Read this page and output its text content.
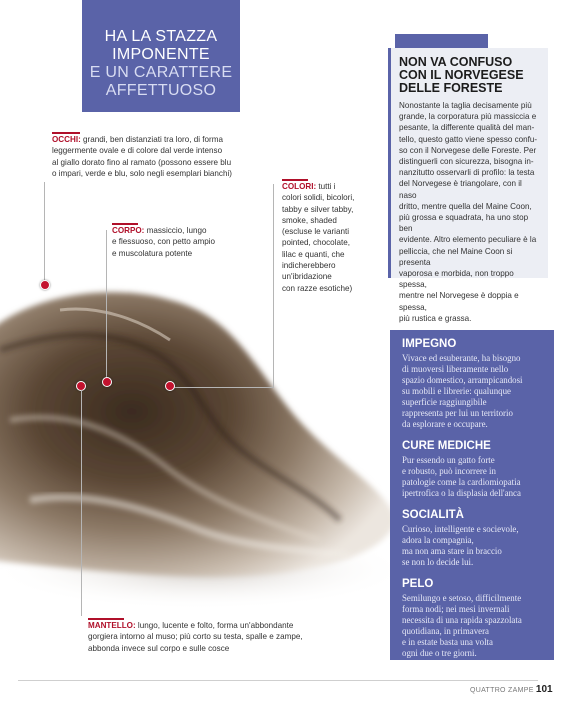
HA LA STAZZA
IMPONENTE
E UN CARATTERE
AFFETTUOSO
OCCHI: grandi, ben distanziati tra loro, di forma
leggermente ovale e di colore dal verde intenso
al giallo dorato fino al ramato (possono essere blu
o impari, verde e blu, solo negli esemplari bianchi)
CORPO: massiccio, lungo
e flessuoso, con petto ampio
e muscolatura potente
COLORI: tutti i
colori solidi, bicolori,
tabby e silver tabby,
smoke, shaded
(escluse le varianti
pointed, chocolate,
lilac e quanti, che
indicherebbero
un'ibridazione
con razze esotiche)
MANTELLO: lungo, lucente e folto, forma un'abbondante
gorgiera intorno al muso; più corto su testa, spalle e zampe,
abbonda invece sul corpo e sulle cosce
NON VA CONFUSO
CON IL NORVEGESE
DELLE FORESTE

Nonostante la taglia decisamente più
grande, la corporatura più massiccia e
pesante, la differente qualità del man-
tello, questo gatto viene spesso confu-
so con il Norvegese delle Foreste. Per
distinguerli con sicurezza, bisogna in-
nanzitutto osservarli di profilo: la testa
del Norvegese è triangolare, con il naso
dritto, mentre quella del Maine Coon,
più grossa e squadrata, ha uno stop ben
evidente. Altro elemento peculiare è la
pelliccia, che nel Maine Coon si presenta
vaporosa e morbida, non troppo spessa,
mentre nel Norvegese è doppia e spessa,
più rustica e grassa.

IMPEGNO

Vivace ed esuberante, ha bisogno
di muoversi liberamente nello
spazio domestico, arrampicandosi
su mobili e librerie: qualunque
superficie raggiungibile
rappresenta per lui un territorio
da esplorare e occupare.

CURE MEDICHE

Pur essendo un gatto forte
e robusto, può incorrere in
patologie come la cardiomiopatia
ipertrofica o la displasia dell'anca

SOCIALITÀ

Curioso, intelligente e socievole,
adora la compagnia,
ma non ama stare in braccio
se non lo decide lui.

PELO

Semilungo e setoso, difficilmente
forma nodi; nei mesi invernali
necessita di una rapida spazzolata
quotidiana, in primavera
e in estate basta una volta
ogni due o tre giorni.

QUATTRO ZAMPE 101
